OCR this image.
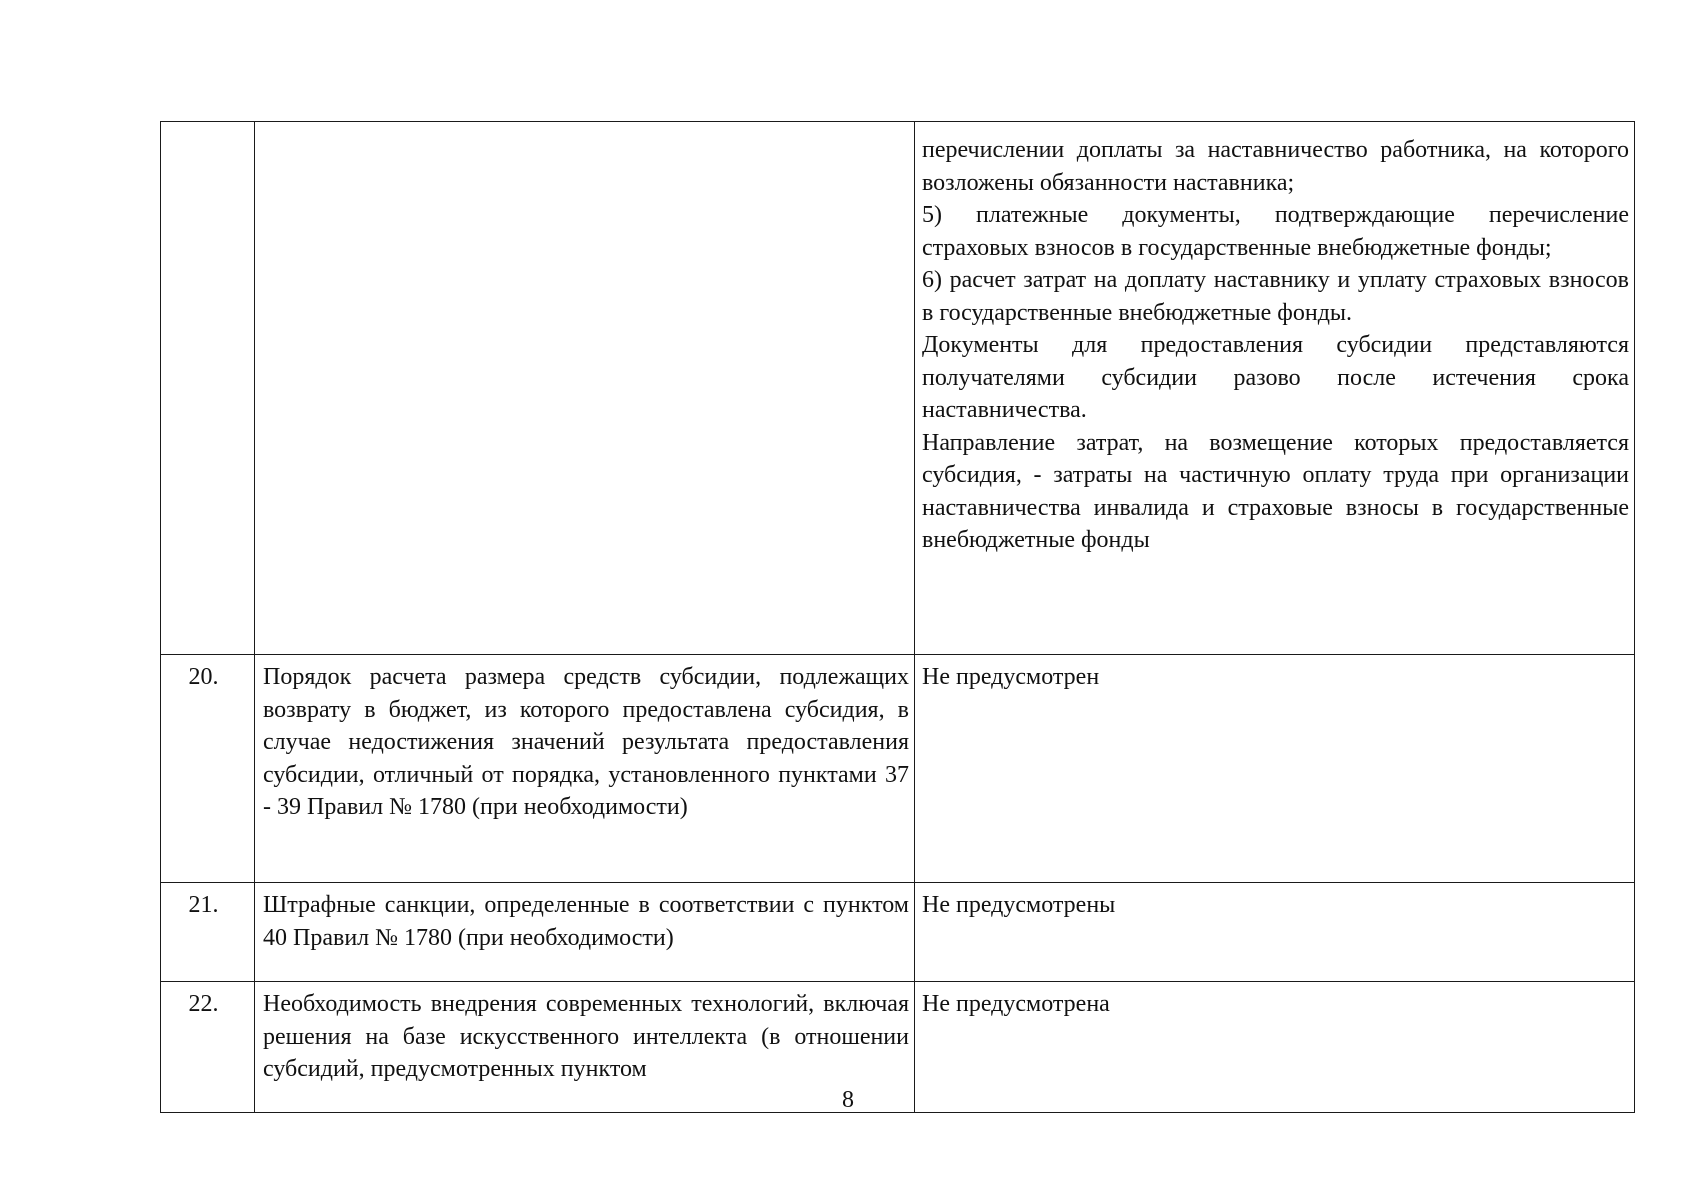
		перечислении доплаты за наставничество работника, на которого возложены обязанности наставника;
5) платежные документы, подтверждающие перечисление страховых взносов в государственные внебюджетные фонды;
6) расчет затрат на доплату наставнику и уплату страховых взносов в государственные внебюджетные фонды.
Документы для предоставления субсидии представляются получателями субсидии разово после истечения срока наставничества.
Направление затрат, на возмещение которых предоставляется субсидия, - затраты на частичную оплату труда при организации наставничества инвалида и страховые взносы в государственные внебюджетные фонды

20.	Порядок расчета размера средств субсидии, подлежащих возврату в бюджет, из которого предоставлена субсидия, в случае недостижения значений результата предоставления субсидии, отличный от порядка, установленного пунктами 37 - 39 Правил № 1780 (при необходимости)	Не предусмотрен
21.	Штрафные санкции, определенные в соответствии с пунктом 40 Правил № 1780 (при необходимости)	Не предусмотрены
22.	Необходимость внедрения современных технологий, включая решения на базе искусственного интеллекта (в отношении субсидий, предусмотренных пунктом	Не предусмотрена
8
